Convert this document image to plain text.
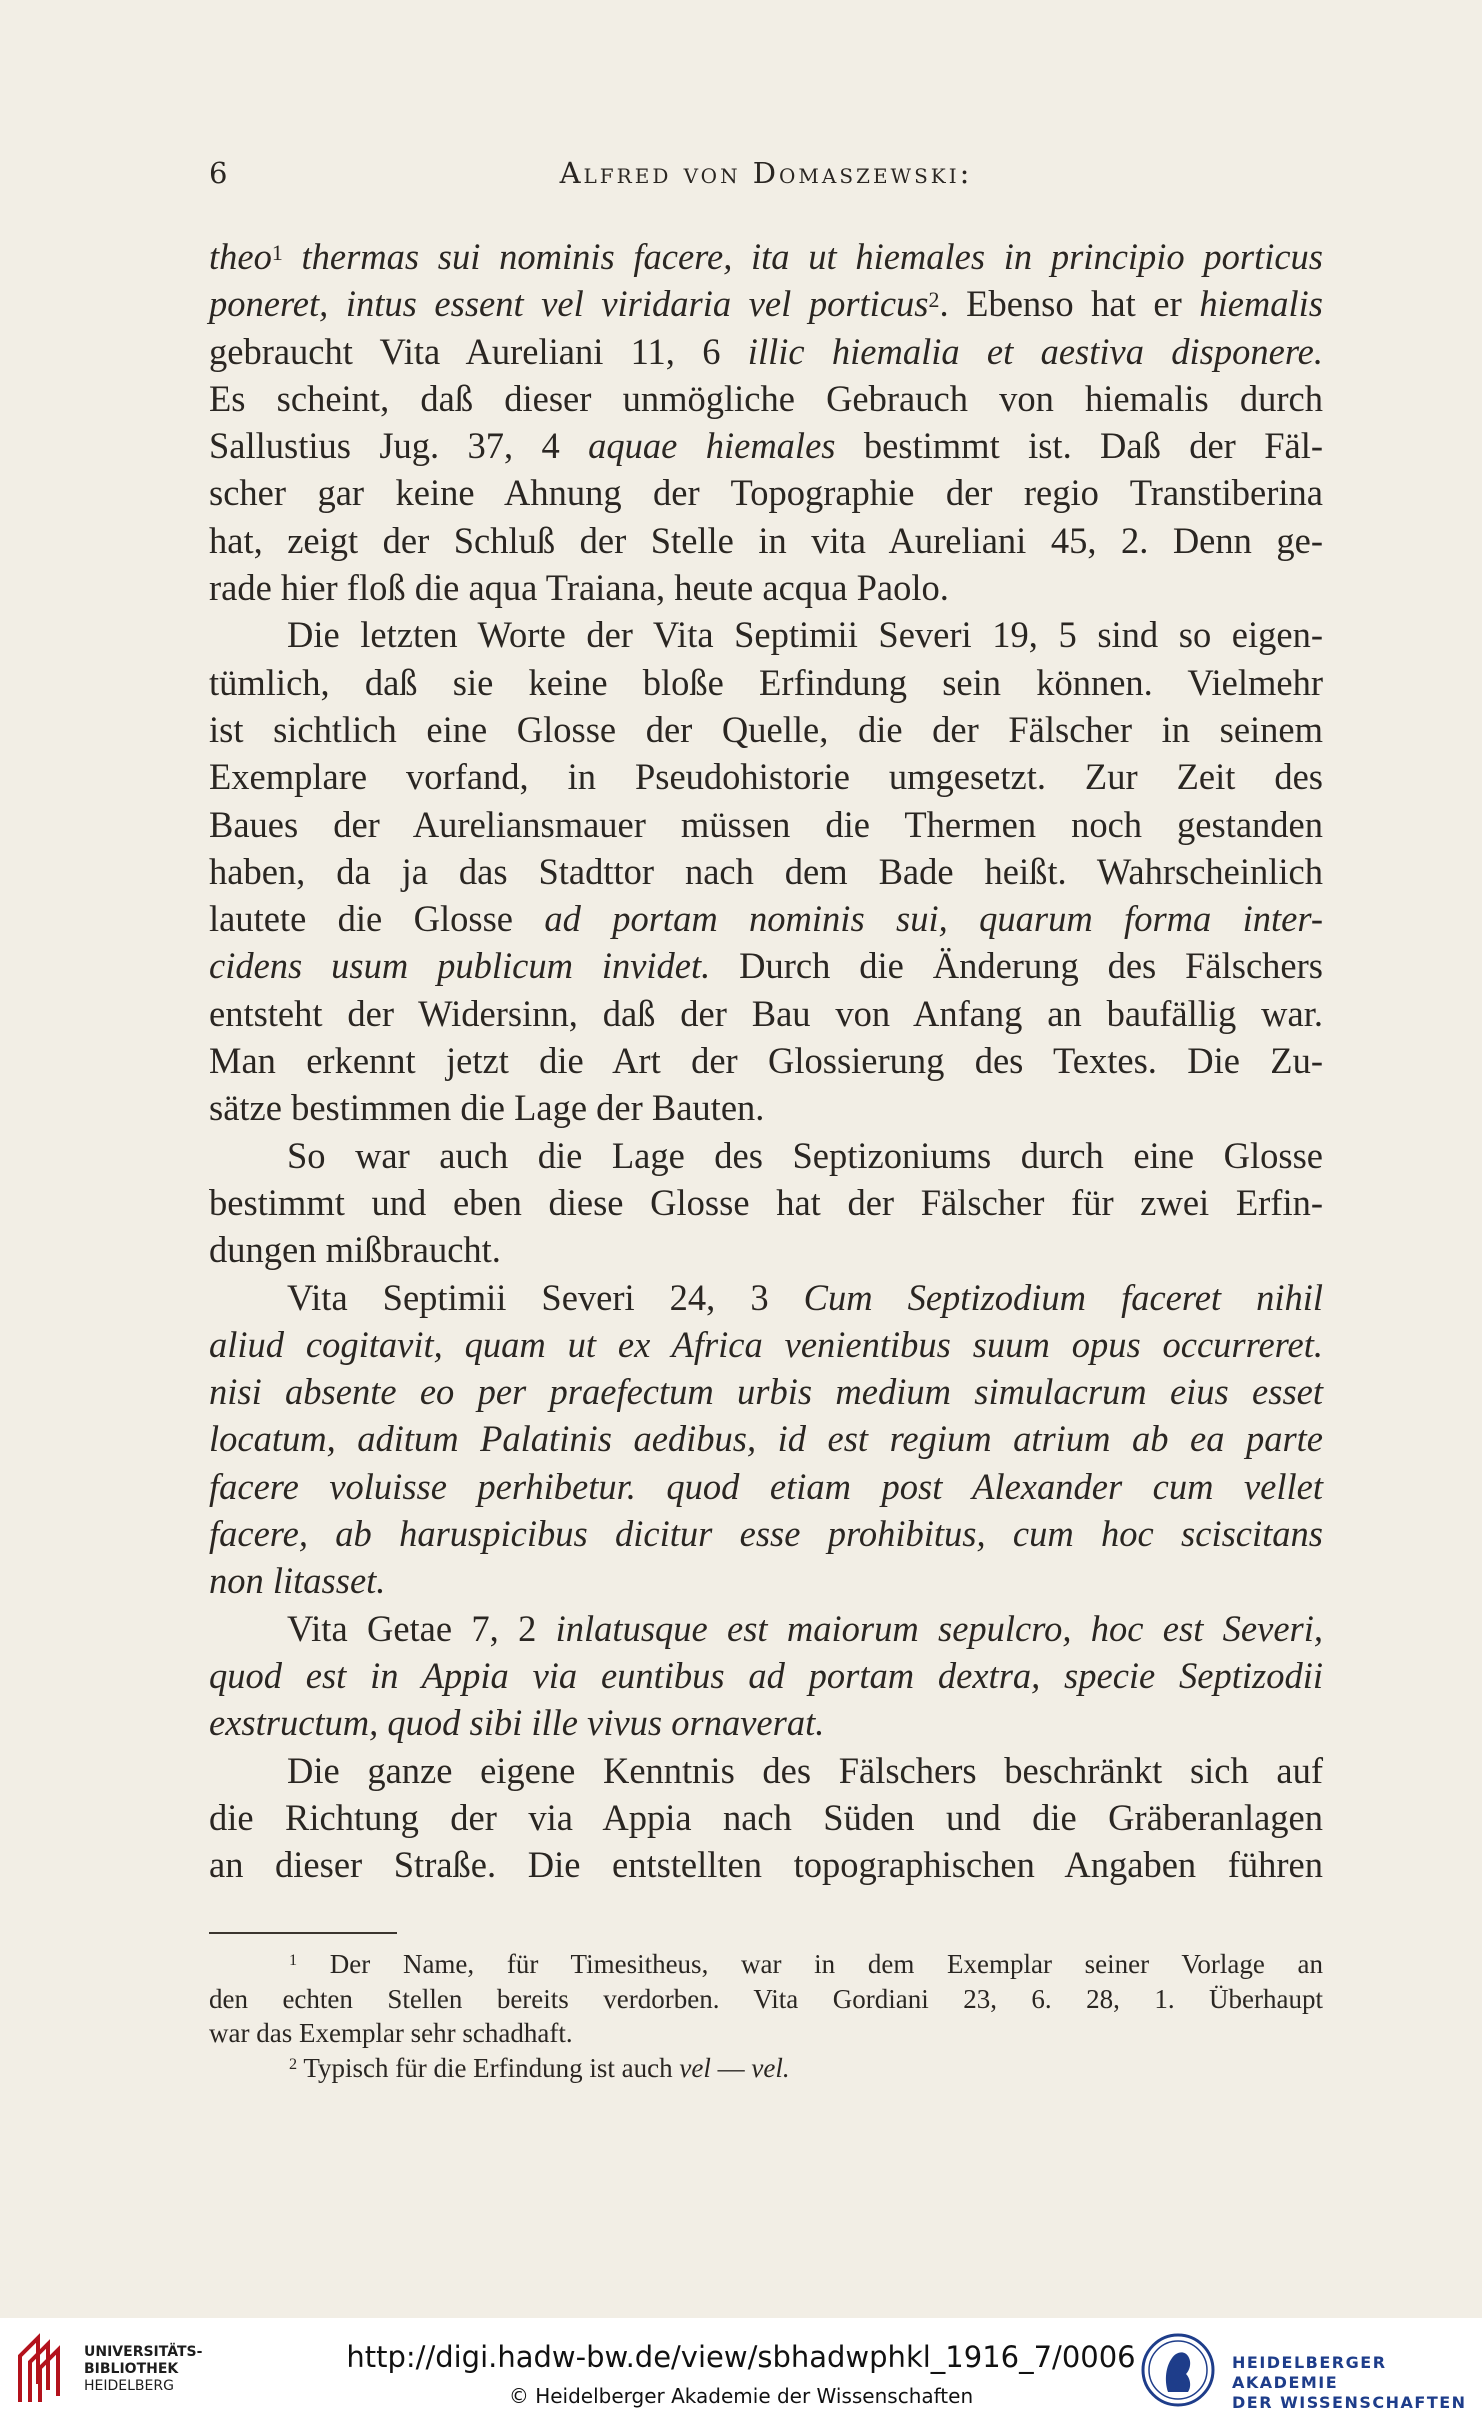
6	Alfred von Domaszewski:

theo$^1$ thermas sui nominis facere, ita ut hiemales in principio porticus
poneret, intus essent vel viridaria vel porticus$^2$. Ebenso hat er hiemalis
gebraucht Vita Aureliani 11, 6 illic hiemalia et aestiva disponere.
Es scheint, daß dieser unmögliche Gebrauch von hiemalis durch
Sallustius Jug. 37, 4 aquae hiemales bestimmt ist. Daß der Fäl-
scher gar keine Ahnung der Topographie der regio Transtiberina
hat, zeigt der Schluß der Stelle in vita Aureliani 45, 2. Denn ge-
rade hier floß die aqua Traiana, heute acqua Paolo.

Die letzten Worte der Vita Septimii Severi 19, 5 sind so eigen-
tümlich, daß sie keine bloße Erfindung sein können. Vielmehr
ist sichtlich eine Glosse der Quelle, die der Fälscher in seinem
Exemplare vorfand, in Pseudohistorie umgesetzt. Zur Zeit des
Baues der Aureliansmauer müssen die Thermen noch gestanden
haben, da ja das Stadttor nach dem Bade heißt. Wahrscheinlich
lautete die Glosse ad portam nominis sui, quarum forma inter-
cidens usum publicum invidet. Durch die Änderung des Fälschers
entsteht der Widersinn, daß der Bau von Anfang an baufällig war.
Man erkennt jetzt die Art der Glossierung des Textes. Die Zu-
sätze bestimmen die Lage der Bauten.

So war auch die Lage des Septizoniums durch eine Glosse
bestimmt und eben diese Glosse hat der Fälscher für zwei Erfin-
dungen mißbraucht.

Vita Septimii Severi 24, 3 Cum Septizodium faceret nihil
aliud cogitavit, quam ut ex Africa venientibus suum opus occurreret.
nisi absente eo per praefectum urbis medium simulacrum eius esset
locatum, aditum Palatinis aedibus, id est regium atrium ab ea parte
facere voluisse perhibetur. quod etiam post Alexander cum vellet
facere, ab haruspicibus dicitur esse prohibitus, cum hoc sciscitans
non litasset.

Vita Getae 7, 2 inlatusque est maiorum sepulcro, hoc est Severi,
quod est in Appia via euntibus ad portam dextra, specie Septizodii
exstructum, quod sibi ille vivus ornaverat.

Die ganze eigene Kenntnis des Fälschers beschränkt sich auf
die Richtung der via Appia nach Süden und die Gräberanlagen
an dieser Straße. Die entstellten topographischen Angaben führen

$^1$ Der Name, für Timesitheus, war in dem Exemplar seiner Vorlage an
den echten Stellen bereits verdorben. Vita Gordiani 23, 6. 28, 1. Überhaupt
war das Exemplar sehr schadhaft.
$^2$ Typisch für die Erfindung ist auch vel — vel.
UNIVERSITÄTS-
BIBLIOTHEK
HEIDELBERG
http://digi.hadw-bw.de/view/sbhadwphkl_1916_7/0006
© Heidelberger Akademie der Wissenschaften
HEIDELBERGER AKADEMIE
DER WISSENSCHAFTEN
